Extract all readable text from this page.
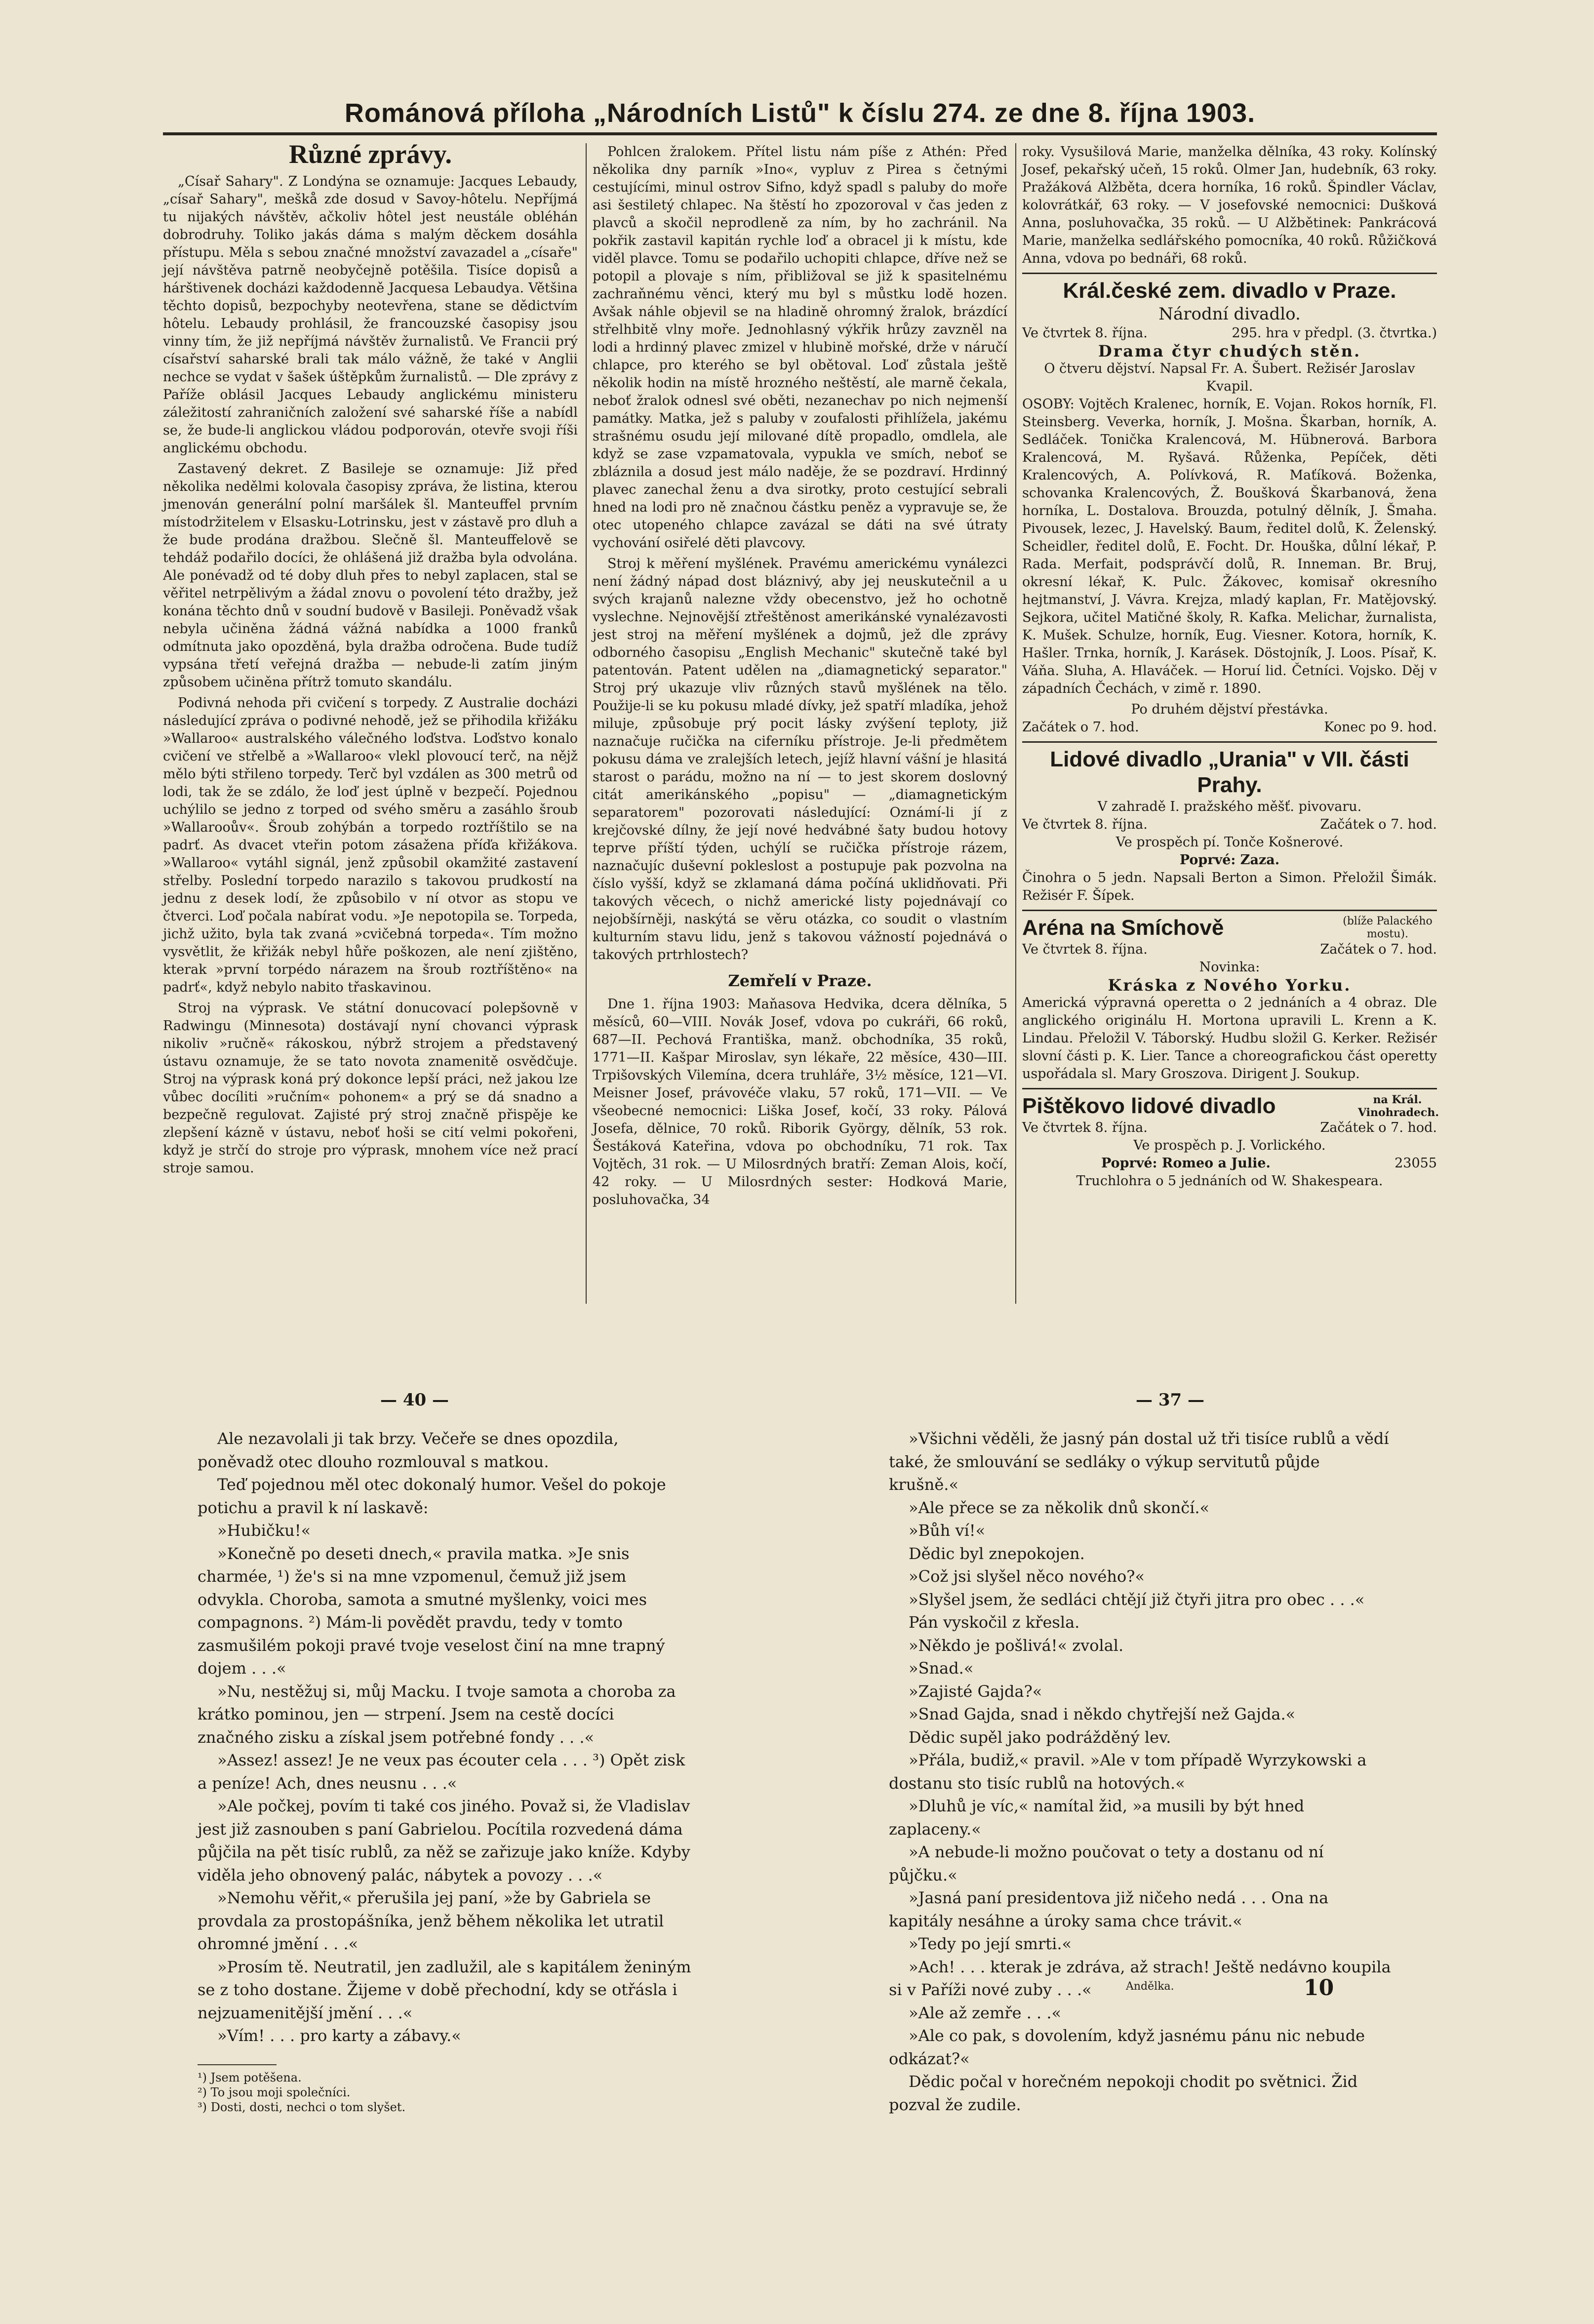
Románová příloha „Národních Listů" k číslu 274. ze dne 8. října 1903.
Různé zprávy.

„Císař Sahary". Z Londýna se oznamuje: Jacques Lebaudy, „císař Sahary", meškå zde dosud v Savoy-hôtelu. Nepříjmá tu nijakých návštěv, ačkoliv hôtel jest neustále obléhán dobrodruhy. Toliko jakás dáma s malým děckem dosáhla přístupu. Měla s sebou značné množství zavazadel a „císaře" její návštěva patrně neobyčejně potěšila. Tisíce dopisů a hárštivenek docházi každodenně Jacquesa Lebaudya. Většina těchto dopisů, bezpochyby neotevřena, stane se dědictvím hôtelu. Lebaudy prohlásil, že francouzské časopisy jsou vinny tím, že již nepříjmá návštěv žurnalistů. Ve Francii prý císařství saharské brali tak málo vážně, že také v Anglii nechce se vydat v šašek úštěpkům žurnalistů. — Dle zprávy z Paříže oblásil Jacques Lebaudy anglickému ministeru záležitostí zahraničních založení své saharské říše a nabídl se, že bude-li anglickou vládou podporován, otevře svoji říši anglickému obchodu.

Zastavený dekret. Z Basileje se oznamuje: Již před několika nedělmi kolovala časopisy zpráva, že listina, kterou jmenován generální polní maršálek šl. Manteuffel prvním místodržitelem v Elsasku-Lotrinsku, jest v zástavě pro dluh a že bude prodána dražbou. Slečně šl. Manteuffelově se tehdáž podařilo docíci, že ohlášená již dražba byla odvolána. Ale ponévadž od té doby dluh přes to nebyl zaplacen, stal se věřitel netrpělivým a žádal znovu o povolení této dražby, jež konána těchto dnů v soudní budově v Basileji. Poněvadž však nebyla učiněna žádná vážná nabídka a 1000 franků odmítnuta jako opozděná, byla dražba odročena. Bude tudíž vypsána třetí veřejná dražba — nebude-li zatím jiným způsobem učiněna přítrž tomuto skandálu.

Podivná nehoda při cvičení s torpedy. Z Australie docházi následující zpráva o podivné nehodě, jež se přihodila křižáku »Wallaroo« australského válečného loďstva. Loďstvo konalo cvičení ve střelbě a »Wallaroo« vlekl plovoucí terč, na nějž mělo býti střileno torpedy. Terč byl vzdálen as 300 metrů od lodi, tak že se zdálo, že loď jest úplně v bezpečí. Pojednou uchýlilo se jedno z torped od svého směru a zasáhlo šroub »Wallarooův«. Šroub zohýbán a torpedo roztříštilo se na padrť. As dvacet vteřin potom zásažena příďa křižákova. »Wallaroo« vytáhl signál, jenž způsobil okamžité zastavení střelby. Poslední torpedo narazilo s takovou prudkostí na jednu z desek lodí, že způsobilo v ní otvor as stopu ve čtverci. Loď počala nabírat vodu. »Je nepotopila se. Torpeda, jichž užito, byla tak zvaná »cvičebná torpeda«. Tím možno vysvětlit, že křižák nebyl hůře poškozen, ale není zjištěno, kterak »první torpédo nárazem na šroub roztříštěno« na padrť«, když nebylo nabito třaskavinou.

Stroj na výprask. Ve státní donucovací polepšovně v Radwingu (Minnesota) dostávají nyní chovanci výprask nikoliv »ručně« rákoskou, nýbrž strojem a představený ústavu oznamuje, že se tato novota znamenitě osvědčuje. Stroj na výprask koná prý dokonce lepší práci, než jakou lze vůbec docíliti »ručním« pohonem« a prý se dá snadno a bezpečně regulovat. Zajisté prý stroj značně přispěje ke zlepšení kázně v ústavu, neboť hoši se cití velmi pokořeni, když je strčí do stroje pro výprask, mnohem více než prací stroje samou.

Pohlcen žralokem. Přítel listu nám píše z Athén: Před několika dny parník »Ino«, vypluv z Pirea s četnými cestujícími, minul ostrov Sifno, když spadl s paluby do moře asi šestiletý chlapec. Na štěstí ho zpozoroval v čas jeden z plavců a skočil neprodleně za ním, by ho zachránil. Na pokřik zastavil kapitán rychle loď a obracel ji k místu, kde viděl plavce. Tomu se podařilo uchopiti chlapce, dříve než se potopil a plovaje s ním, přibližoval se již k spasitelnému zachraňnému věnci, který mu byl s můstku lodě hozen. Avšak náhle objevil se na hladině ohromný žralok, brázdící střelhbitě vlny moře. Jednohlasný výkřik hrůzy zavzněl na lodi a hrdinný plavec zmizel v hlubině mořské, drže v náručí chlapce, pro kterého se byl obětoval. Loď zůstala ještě několik hodin na místě hrozného neštěstí, ale marně čekala, neboť žralok odnesl své oběti, nezanechav po nich nejmenší památky. Matka, jež s paluby v zoufalosti přihlížela, jakému strašnému osudu její milované dítě propadlo, omdlela, ale když se zase vzpamatovala, vypukla ve smích, neboť se zbláznila a dosud jest málo naděje, že se pozdraví. Hrdinný plavec zanechal ženu a dva sirotky, proto cestující sebrali hned na lodi pro ně značnou částku peněz a vypravuje se, že otec utopeného chlapce zavázal se dáti na své útraty vychování osiřelé děti plavcovy.

Stroj k měření myšlének. Pravému americkému vynálezci není žádný nápad dost bláznivý, aby jej neuskutečnil a u svých krajanů nalezne vždy obecenstvo, jež ho ochotně vyslechne. Nejnovější ztřeštěnost amerikánské vynalézavosti jest stroj na měření myšlének a dojmů, jež dle zprávy odborného časopisu „English Mechanic" skutečně také byl patentován. Patent udělen na „diamagnetický separator." Stroj prý ukazuje vliv různých stavů myšlének na tělo. Použije-li se ku pokusu mladé dívky, jež spatří mladíka, jehož miluje, způsobuje prý pocit lásky zvýšení teploty, již naznačuje ručička na ciferníku přístroje. Je-li předmětem pokusu dáma ve zralejších letech, jejíž hlavní vášní je hlasitá starost o parádu, možno na ní — to jest skorem doslovný citát amerikánského „popisu" — „diamagnetickým separatorem" pozorovati následující: Oznámí-li jí z krejčovské dílny, že její nové hedvábné šaty budou hotovy teprve příští týden, uchýlí se ručička přístroje rázem, naznačujíc duševní pokleslost a postupuje pak pozvolna na číslo vyšší, když se zklamaná dáma počíná uklidňovati. Při takových věcech, o nichž americké listy pojednávají co nejobšírněji, naskýtá se věru otázka, co soudit o vlastním kulturním stavu lidu, jenž s takovou vážností pojednává o takových prtrhlostech?

Zemřelí v Praze.

Dne 1. října 1903: Maňasova Hedvika, dcera dělníka, 5 měsíců, 60—VIII. Novák Josef, vdova po cukráři, 66 roků, 687—II. Pechová Františka, manž. obchodníka, 35 roků, 1771—II. Kašpar Miroslav, syn lékaře, 22 měsíce, 430—III. Trpišovských Vilemína, dcera truhláře, 3½ měsíce, 121—VI. Meisner Josef, právovéče vlaku, 57 roků, 171—VII. — Ve všeobecné nemocnici: Liška Josef, kočí, 33 roky. Pálová Josefa, dělnice, 70 roků. Riborik György, dělník, 53 rok. Šestáková Kateřina, vdova po obchodníku, 71 rok. Tax Vojtěch, 31 rok. — U Milosrdných bratří: Zeman Alois, kočí, 42 roky. — U Milosrdných sester: Hodková Marie, posluhovačka, 34

roky. Vysušilová Marie, manželka dělníka, 43 roky. Kolínský Josef, pekařský učeň, 15 roků. Olmer Jan, hudebník, 63 roky. Pražáková Alžběta, dcera horníka, 16 roků. Špindler Václav, kolovrátkář, 63 roky. — V josefovské nemocnici: Dušková Anna, posluhovačka, 35 roků. — U Alžbětinek: Pankrácová Marie, manželka sedlářského pomocníka, 40 roků. Růžičková Anna, vdova po bednáři, 68 roků.

Král.české zem. divadlo v Praze.
Národní divadlo.
Ve čtvrtek 8. října.	295. hra v předpl. (3. čtvrtka.)
Drama čtyr chudých stěn.
O čtveru dějství. Napsal Fr. A. Šubert. Režisér Jaroslav Kvapil.

OSOBY: Vojtěch Kralenec, horník, E. Vojan. Rokos horník, Fl. Steinsberg. Veverka, horník, J. Mošna. Škarban, horník, A. Sedláček. Tonička Kralencová, M. Hübnerová. Barbora Kralencová, M. Ryšavá. Růženka, Pepíček, děti Kralencových, A. Polívková, R. Maťíková. Boženka, schovanka Kralencových, Ž. Boušková Škarbanová, žena horníka, L. Dostalova. Brouzda, potulný dělník, J. Šmaha. Pivousek, lezec, J. Havelský. Baum, ředitel dolů, K. Želenský. Scheidler, ředitel dolů, E. Focht. Dr. Houška, důlní lékař, P. Rada. Merfait, podsprávčí dolů, R. Inneman. Br. Bruj, okresní lékař, K. Pulc. Žákovec, komisař okresního hejtmanství, J. Vávra. Krejza, mladý kaplan, Fr. Matějovský. Sejkora, učitel Matičné školy, R. Kafka. Melichar, žurnalista, K. Mušek. Schulze, horník, Eug. Viesner. Kotora, horník, K. Hašler. Trnka, horník, J. Karásek. Döstojník, J. Loos. Písař, K. Váňa. Sluha, A. Hlaváček. — Horuí lid. Četníci. Vojsko. Děj v západních Čechách, v zimě r. 1890.

Po druhém dějství přestávka.
Začátek o 7. hod.	Konec po 9. hod.
Lidové divadlo „Urania" v VII. části Prahy.
V zahradě I. pražského měšť. pivovaru.
Ve čtvrtek 8. října.	Začátek o 7. hod.
Ve prospěch pí. Tonče Košnerové.
Poprvé: Zaza.
Činohra o 5 jedn. Napsali Berton a Simon. Přeložil Šimák. Režisér F. Šípek.
Aréna na Smíchově	(blíže Palackého mostu).
Ve čtvrtek 8. října.	Začátek o 7. hod.
Novinka:
Kráska z Nového Yorku.

Americká výpravná operetta o 2 jednáních a 4 obraz. Dle anglického originálu H. Mortona upravili L. Krenn a K. Lindau. Přeložil V. Táborský. Hudbu složil G. Kerker. Režisér slovní části p. K. Lier. Tance a choreografickou část operetty uspořádala sl. Mary Groszova. Dirigent J. Soukup.

Pištěkovo lidové divadlo	na Král. Vinohradech.
Ve čtvrtek 8. října.	Začátek o 7. hod.
Ve prospěch p. J. Vorlického.
Poprvé: Romeo a Julie.	23055
Truchlohra o 5 jednáních od W. Shakespeara.
— 40 —

Ale nezavolali ji tak brzy. Večeře se dnes opozdila, poněvadž otec dlouho rozmlouval s matkou.

Teď pojednou měl otec dokonalý humor. Vešel do pokoje potichu a pravil k ní laskavě:

»Hubičku!«

»Konečně po deseti dnech,« pravila matka. »Je snis charmée, ¹) že's si na mne vzpomenul, čemuž již jsem odvykla. Choroba, samota a smutné myšlenky, voici mes compagnons. ²) Mám-li povědět pravdu, tedy v tomto zasmušilém pokoji pravé tvoje veselost činí na mne trapný dojem . . .«

»Nu, nestěžuj si, můj Macku. I tvoje samota a choroba za krátko pominou, jen — strpení. Jsem na cestě docíci značného zisku a získal jsem potřebné fondy . . .«

»Assez! assez! Je ne veux pas écouter cela . . . ³) Opět zisk a peníze! Ach, dnes neusnu . . .«

»Ale počkej, povím ti také cos jiného. Považ si, že Vladislav jest již zasnouben s paní Gabrielou. Pocítila rozvedená dáma půjčila na pět tisíc rublů, za něž se zařizuje jako kníže. Kdyby viděla jeho obnovený palác, nábytek a povozy . . .«

»Nemohu věřit,« přerušila jej paní, »že by Gabriela se provdala za prostopášníka, jenž během několika let utratil ohromné jmění . . .«

»Prosím tě. Neutratil, jen zadlužil, ale s kapitálem ženiným se z toho dostane. Žijeme v době přechodní, kdy se otřásla i nejzuamenitější jmění . . .«

»Vím! . . . pro karty a zábavy.«

¹) Jsem potěšena.

²) To jsou moji společníci.

³) Dosti, dosti, nechci o tom slyšet.

— 37 —

»Všichni věděli, že jasný pán dostal už tři tisíce rublů a vědí také, že smlouvání se sedláky o výkup servitutů půjde krušně.«

»Ale přece se za několik dnů skončí.«

»Bůh ví!«

Dědic byl znepokojen.

»Což jsi slyšel něco nového?«

»Slyšel jsem, že sedláci chtějí již čtyři jitra pro obec . . .«

Pán vyskočil z křesla.

»Někdo je pošlivá!« zvolal.

»Snad.«

»Zajisté Gajda?«

»Snad Gajda, snad i někdo chytřejší než Gajda.«

Dědic supěl jako podrážděný lev.

»Přála, budiž,« pravil. »Ale v tom případě Wyrzykowski a dostanu sto tisíc rublů na hotových.«

»Dluhů je víc,« namítal žid, »a musili by být hned zaplaceny.«

»A nebude-li možno poučovat o tety a dostanu od ní půjčku.«

»Jasná paní presidentova již ničeho nedá . . . Ona na kapitály nesáhne a úroky sama chce trávit.«

»Tedy po její smrti.«

»Ach! . . . kterak je zdráva, až strach! Ještě nedávno koupila si v Paříži nové zuby . . .«

»Ale až zemře . . .«

»Ale co pak, s dovolením, když jasnému pánu nic nebude odkázat?«

Dědic počal v horečném nepokoji chodit po světnici. Žid pozval že zudile.

Andělka.	10
